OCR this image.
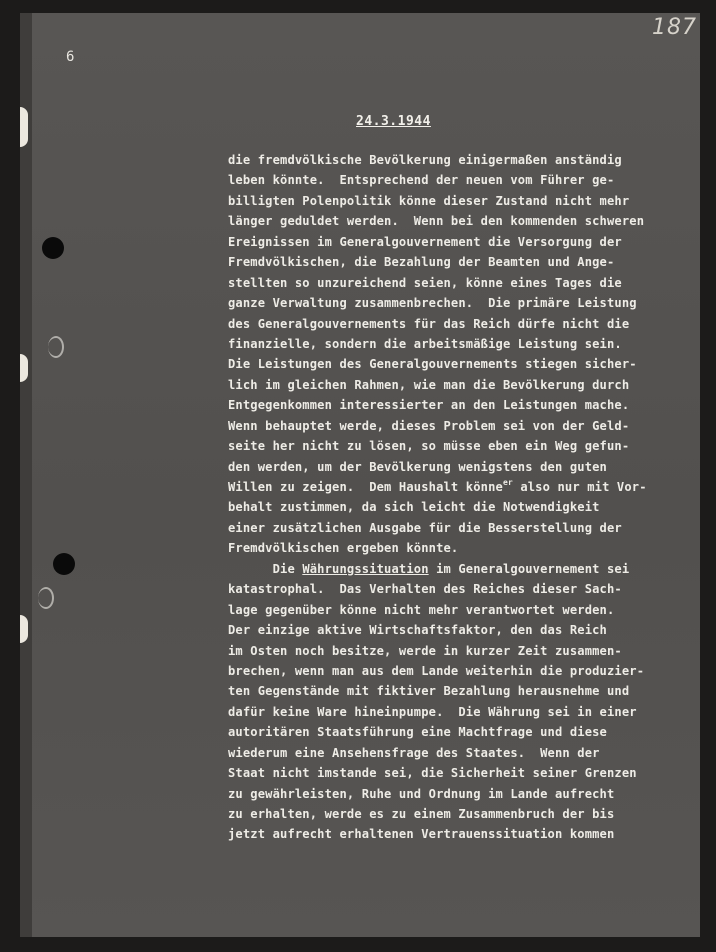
6
187
24.3.1944
die fremdvölkische Bevölkerung einigermaßen anständig
leben könnte.  Entsprechend der neuen vom Führer ge-
billigten Polenpolitik könne dieser Zustand nicht mehr
länger geduldet werden.  Wenn bei den kommenden schweren
Ereignissen im Generalgouvernement die Versorgung der
Fremdvölkischen, die Bezahlung der Beamten und Ange-
stellten so unzureichend seien, könne eines Tages die
ganze Verwaltung zusammenbrechen.  Die primäre Leistung
des Generalgouvernements für das Reich dürfe nicht die
finanzielle, sondern die arbeitsmäßige Leistung sein.
Die Leistungen des Generalgouvernements stiegen sicher-
lich im gleichen Rahmen, wie man die Bevölkerung durch
Entgegenkommen interessierter an den Leistungen mache.
Wenn behauptet werde, dieses Problem sei von der Geld-
seite her nicht zu lösen, so müsse eben ein Weg gefun-
den werden, um der Bevölkerung wenigstens den guten
Willen zu zeigen.  Dem Haushalt könne$^{er}$ also nur mit Vor-
behalt zustimmen, da sich leicht die Notwendigkeit
einer zusätzlichen Ausgabe für die Besserstellung der
Fremdvölkischen ergeben könnte.
Die Währungssituation im Generalgouvernement sei
katastrophal.  Das Verhalten des Reiches dieser Sach-
lage gegenüber könne nicht mehr verantwortet werden.
Der einzige aktive Wirtschaftsfaktor, den das Reich
im Osten noch besitze, werde in kurzer Zeit zusammen-
brechen, wenn man aus dem Lande weiterhin die produzier-
ten Gegenstände mit fiktiver Bezahlung herausnehme und
dafür keine Ware hineinpumpe.  Die Währung sei in einer
autoritären Staatsführung eine Machtfrage und diese
wiederum eine Ansehensfrage des Staates.  Wenn der
Staat nicht imstande sei, die Sicherheit seiner Grenzen
zu gewährleisten, Ruhe und Ordnung im Lande aufrecht
zu erhalten, werde es zu einem Zusammenbruch der bis
jetzt aufrecht erhaltenen Vertrauenssituation kommen
